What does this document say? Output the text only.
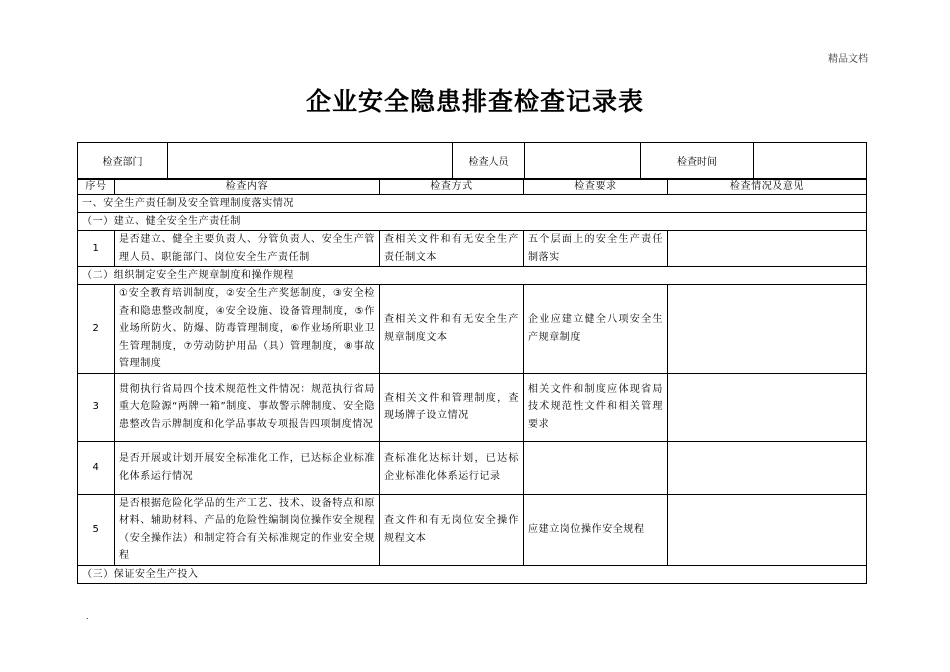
精品文档
企业安全隐患排查检查记录表
检查部门		检查人员		检查时间	
序号	检查内容	检查方式	检查要求	检查情况及意见
一、安全生产责任制及安全管理制度落实情况				
（一）建立、健全安全生产责任制				
1	是否建立、健全主要负责人、分管负责人、安全生产管理人员、职能部门、岗位安全生产责任制	查相关文件和有无安全生产责任制文本	五个层面上的安全生产责任制落实	
（二）组织制定安全生产规章制度和操作规程				
2	①安全教育培训制度，②安全生产奖惩制度，③安全检查和隐患整改制度，④安全设施、设备管理制度，⑤作业场所防火、防爆、防毒管理制度，⑥作业场所职业卫生管理制度，⑦劳动防护用品（具）管理制度，⑧事故管理制度	查相关文件和有无安全生产规章制度文本	企业应建立健全八项安全生产规章制度	
3	贯彻执行省局四个技术规范性文件情况：规范执行省局重大危险源“两牌一箱”制度、事故警示牌制度、安全隐患整改告示牌制度和化学品事故专项报告四项制度情况	查相关文件和管理制度，查现场牌子设立情况	相关文件和制度应体现省局技术规范性文件和相关管理要求	
4	是否开展或计划开展安全标准化工作，已达标企业标准化体系运行情况	查标准化达标计划，已达标企业标准化体系运行记录		
5	是否根据危险化学品的生产工艺、技术、设备特点和原材料、辅助材料、产品的危险性编制岗位操作安全规程（安全操作法）和制定符合有关标准规定的作业安全规程	查文件和有无岗位安全操作规程文本	应建立岗位操作安全规程	
（三）保证安全生产投入				
.
